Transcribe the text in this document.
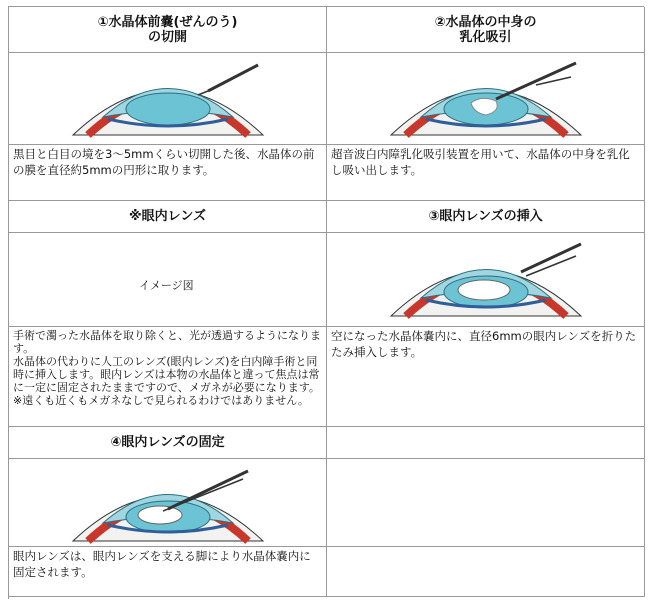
①水晶体前嚢(ぜんのう)
の切開
②水晶体の中身の
乳化吸引
黒目と白目の境を3〜5mmくらい切開した後、水晶体の前の膜を直径約5mmの円形に取ります。
超音波白内障乳化吸引装置を用いて、水晶体の中身を乳化し吸い出します。
※眼内レンズ	③眼内レンズの挿入
イメージ図
手術で濁った水晶体を取り除くと、光が透過するようになります。
水晶体の代わりに人工のレンズ(眼内レンズ)を白内障手術と同時に挿入します。眼内レンズは本物の水晶体と違って焦点は常に一定に固定されたままですので、メガネが必要になります。
※遠くも近くもメガネなしで見られるわけではありません。
空になった水晶体嚢内に、直径6mmの眼内レンズを折りたたみ挿入します。
④眼内レンズの固定
眼内レンズは、眼内レンズを支える脚により水晶体嚢内に固定されます。
